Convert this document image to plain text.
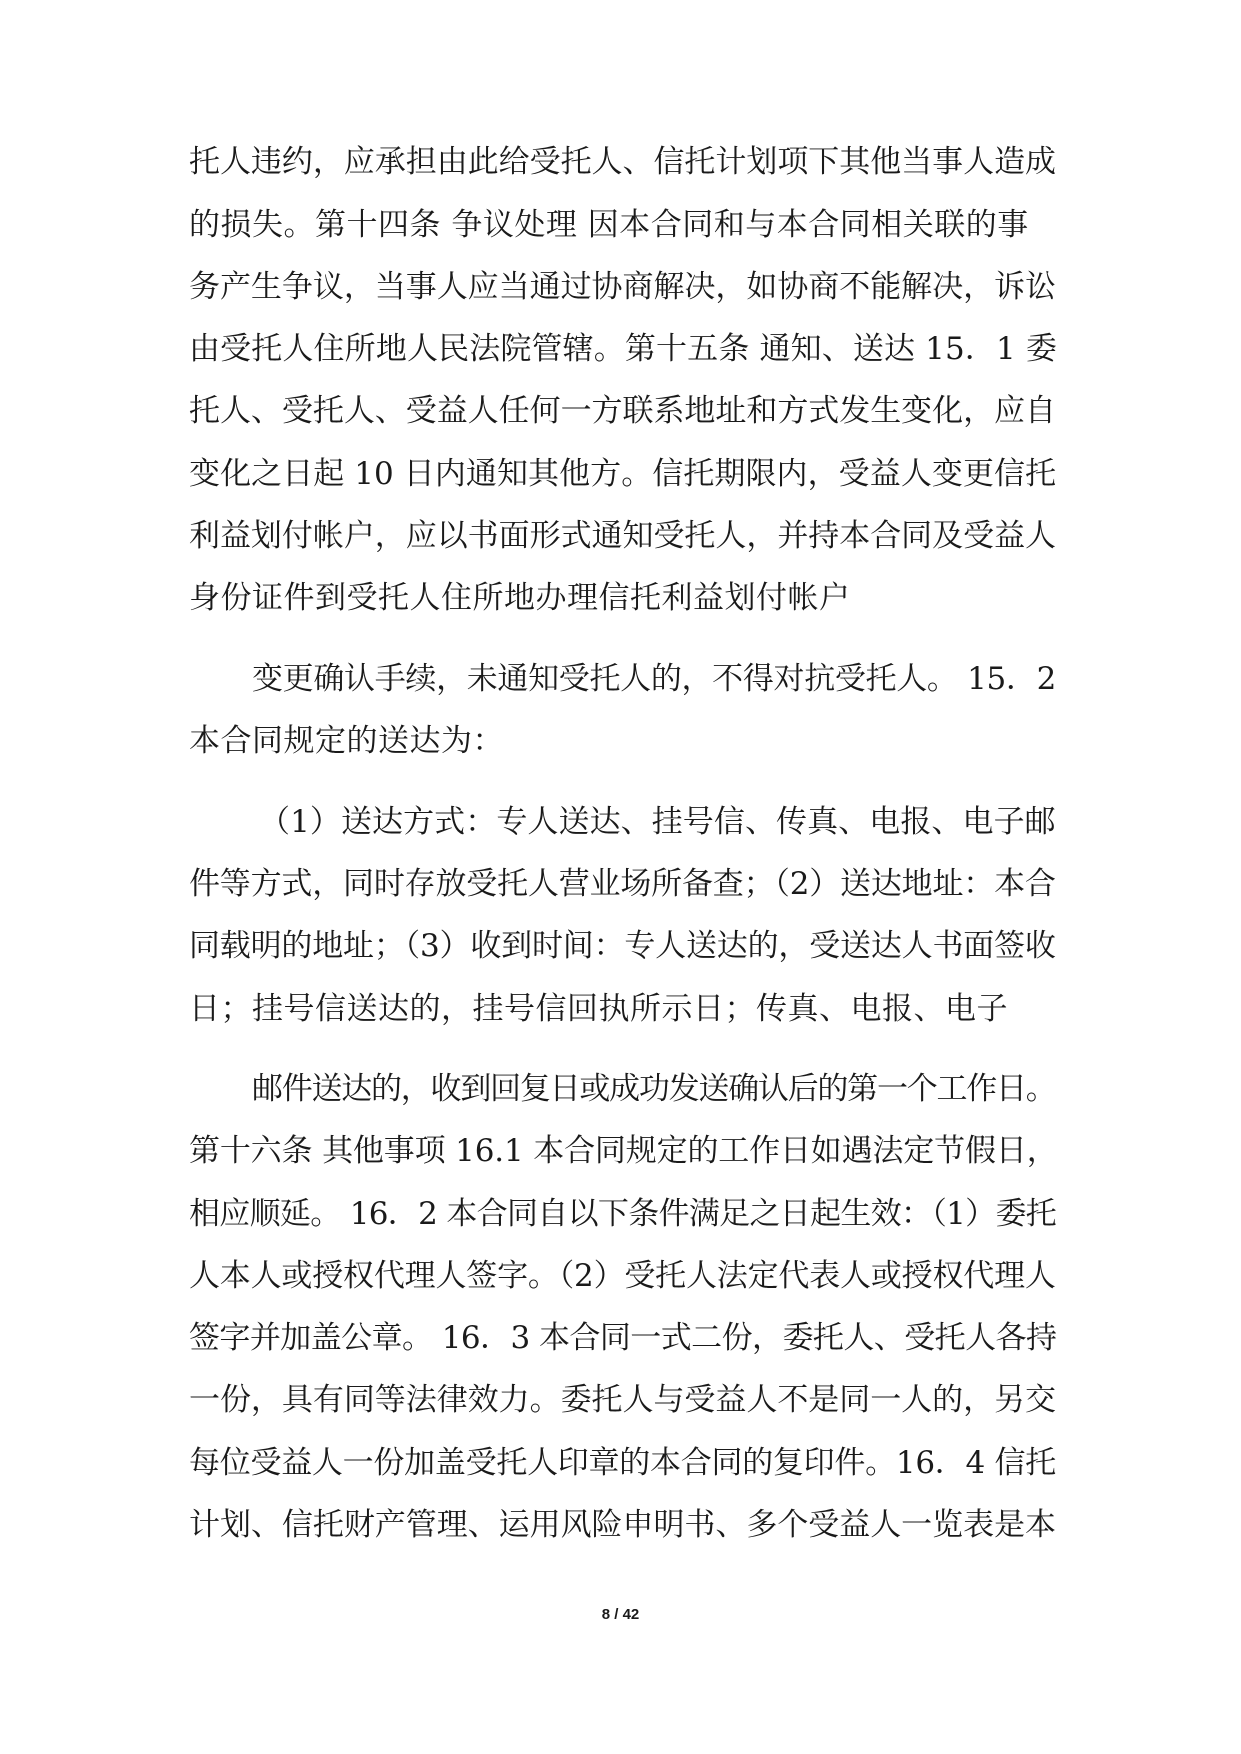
托人违约，应承担由此给受托人、信托计划项下其他当事人造成
的损失。第十四条 争议处理 因本合同和与本合同相关联的事
务产生争议，当事人应当通过协商解决，如协商不能解决，诉讼
由受托人住所地人民法院管辖。第十五条 通知、送达 15．1 委
托人、受托人、受益人任何一方联系地址和方式发生变化，应自
变化之日起 10 日内通知其他方。信托期限内，受益人变更信托
利益划付帐户，应以书面形式通知受托人，并持本合同及受益人
身份证件到受托人住所地办理信托利益划付帐户
变更确认手续，未通知受托人的，不得对抗受托人。 15．2
本合同规定的送达为：
（1）送达方式：专人送达、挂号信、传真、电报、电子邮
件等方式，同时存放受托人营业场所备查；（2）送达地址：本合
同载明的地址；（3）收到时间：专人送达的，受送达人书面签收
日；挂号信送达的，挂号信回执所示日；传真、电报、电子
邮件送达的，收到回复日或成功发送确认后的第一个工作日。
第十六条 其他事项 16.1 本合同规定的工作日如遇法定节假日，
相应顺延。 16．2 本合同自以下条件满足之日起生效：（1）委托
人本人或授权代理人签字。（2）受托人法定代表人或授权代理人
签字并加盖公章。 16．3 本合同一式二份，委托人、受托人各持
一份，具有同等法律效力。委托人与受益人不是同一人的，另交
每位受益人一份加盖受托人印章的本合同的复印件。16．4 信托
计划、信托财产管理、运用风险申明书、多个受益人一览表是本
8 / 42
